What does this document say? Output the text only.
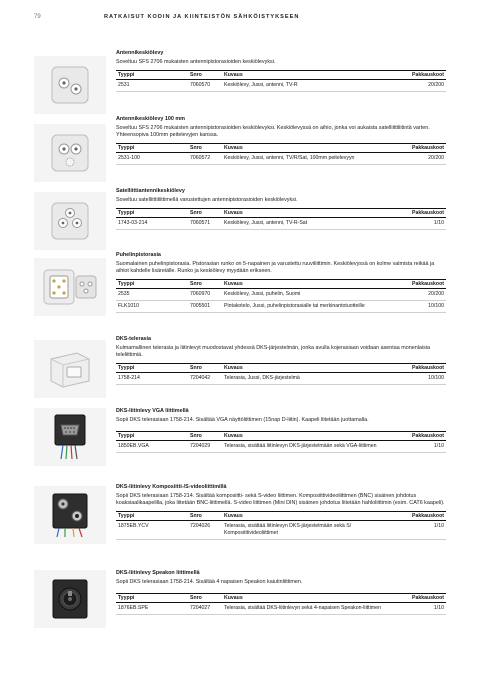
79	RATKAISUT KODIN JA KIINTEISTÖN SÄHKÖISTYKSEEN

Antennikeskiölevy

Soveltuu SFS 2706 mukaisten antennipistorasioiden keskiölevyksi.

Tyyppi	Snro	Kuvaus	Pakkauskoot
2531	7060570	Keskiölevy, Jussi, antenni, TV-R	20/200

Antennikeskiölevy 100 mm

Soveltuu SFS 2706 mukaisten antennipistorasioiden keskiölevyksi. Keskiölevyssä on aihio, jonka voi aukaista satelliittiliitintä varten. Yhteensopiva 100mm peitelevyjen kanssa.

Tyyppi	Snro	Kuvaus	Pakkauskoot
2531-100	7060572	Keskiölevy, Jussi, antenni, TV/R/Sat, 100mm peitelevyyn	20/200

Satelliittiantennikeskiölevy

Soveltuu satelliittiliittimellä varustettujen antennipistorasioiden keskiölevyksi.

Tyyppi	Snro	Kuvaus	Pakkauskoot
1743-03-214	7060571	Keskiölevy, Jussi, antenni, TV-R-Sat	1/10

Puhelinpistorasia

Suomalainen puhelinpistorasia. Pistorasian runko on 5-napainen ja varustettu ruuviliittimin. Keskiölevyssä on kolme valmista reikää ja aihiot kahdelle lisäreiälle. Runko ja keskiölevy myydään erikseen.

Tyyppi	Snro	Kuvaus	Pakkauskoot
2535	7060970	Keskiölevy, Jussi, puhelin, Suomi	20/200
FLK1010	7005501	Pintakotelo, Jussi, puhelinpistorasialle tai merkinantotuotteille	10/100

DKS-telerasia

Kulmamallinen telerasia ja liitinlevyt muodostavat yhdessä DKS-järjestelmän, jonka avulla kojerasiaan voidaan asentaa monenlaisia teleliittimiä.

Tyyppi	Snro	Kuvaus	Pakkauskoot
1758-214	7204042	Telerasia, Jussi, DKS-järjestelmä	10/100

DKS-liitinlevy VGA liittimellä

Sopii DKS telerasiaan 1758-214. Sisältää VGA näyttöliittimen (15nap D-liitin). Kaapeli liitetään juottamalla.

Tyyppi	Snro	Kuvaus	Pakkauskoot
1850EB.VGA	7204029	Telerasia, sisältää liitinlevyn DKS-järjestelmään sekä VGA-liittimen	1/10

DKS-liitinlevy Komposiitti-/S-videoliittimillä

Sopii DKS telerasiaan 1758-214. Sisältää komposiitti- sekä S-video liittimen. Komposiittivideoliittimen (BNC) sisäinen johdotus koaksiaalikaapelilla, joka liitetään BNC-liittimellä. S-video liittimen (Mini DIN) sisäinen johdotus liitetään hahloliittimin (esim. CAT6 kaapeli).

Tyyppi	Snro	Kuvaus	Pakkauskoot
1875EB.YCV	7204026	Telerasia, sisältää liitinlevyn DKS-järjestelmään sekä S/ Komposiittivideoliittimet	1/10

DKS-liitinlevy Speakon liittimellä

Sopii DKS telerasiaan 1758-214. Sisältää 4 napaisen Speakon kaiutinliittimen.

Tyyppi	Snro	Kuvaus	Pakkauskoot
1876EB.SPE	7204027	Telerasia, sisältää DKS-liitinlevyn sekä 4-napaisen Speakon-liittimen	1/10
